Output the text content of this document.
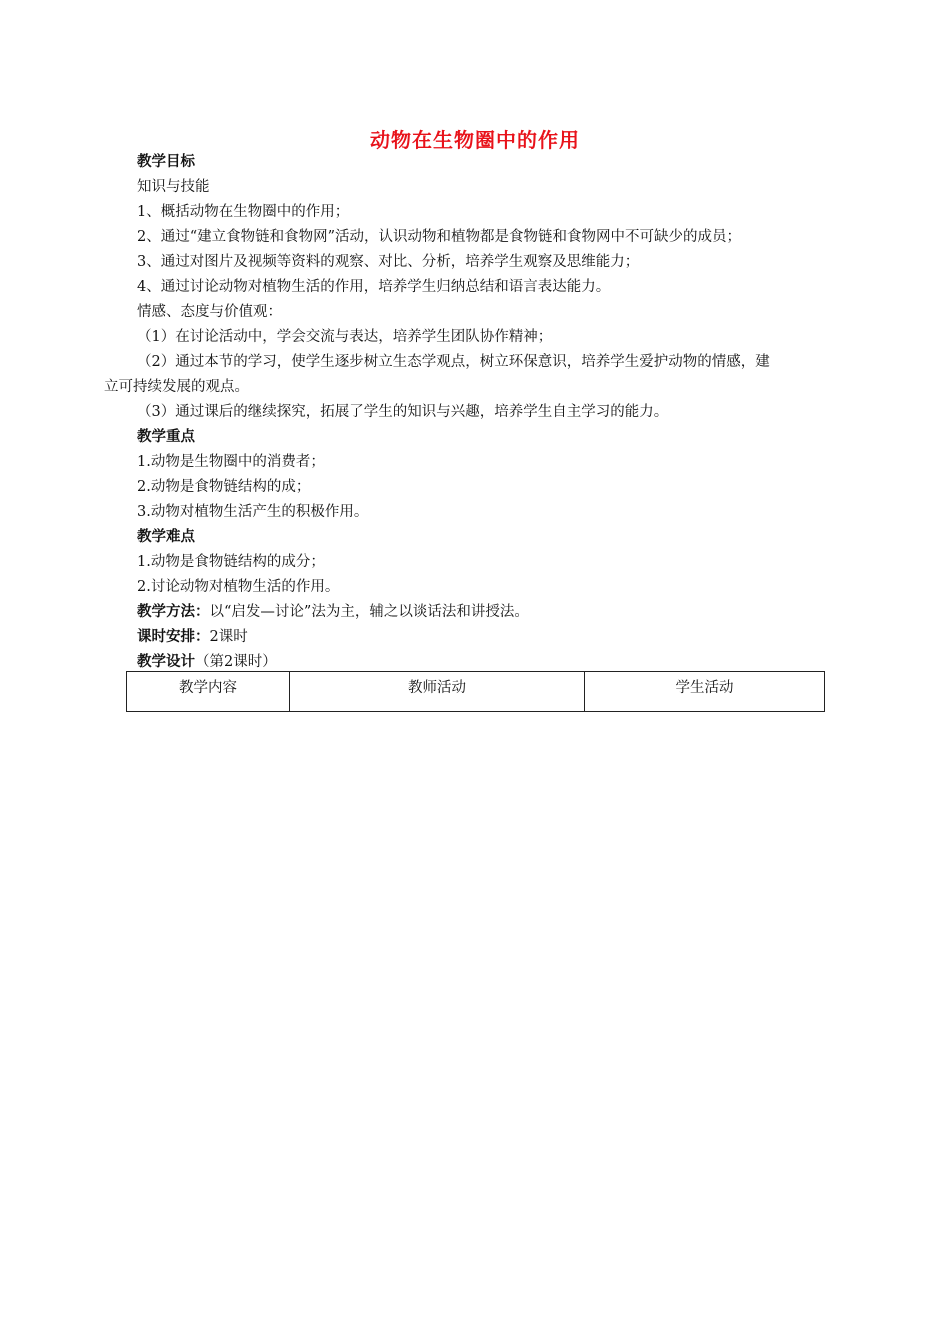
动物在生物圈中的作用
教学目标
知识与技能
1、概括动物在生物圈中的作用；
2、通过“建立食物链和食物网”活动，认识动物和植物都是食物链和食物网中不可缺少的成员；
3、通过对图片及视频等资料的观察、对比、分析，培养学生观察及思维能力；
4、通过讨论动物对植物生活的作用，培养学生归纳总结和语言表达能力。
情感、态度与价值观：
（1）在讨论活动中，学会交流与表达，培养学生团队协作精神；
（2）通过本节的学习，使学生逐步树立生态学观点，树立环保意识，培养学生爱护动物的情感，建
立可持续发展的观点。
（3）通过课后的继续探究，拓展了学生的知识与兴趣，培养学生自主学习的能力。
教学重点
1.动物是生物圈中的消费者；
2.动物是食物链结构的成；
3.动物对植物生活产生的积极作用。
教学难点
1.动物是食物链结构的成分；
2.讨论动物对植物生活的作用。
教学方法：以“启发—讨论”法为主，辅之以谈话法和讲授法。
课时安排：2课时
教学设计（第2课时）
教学内容	教师活动	学生活动
